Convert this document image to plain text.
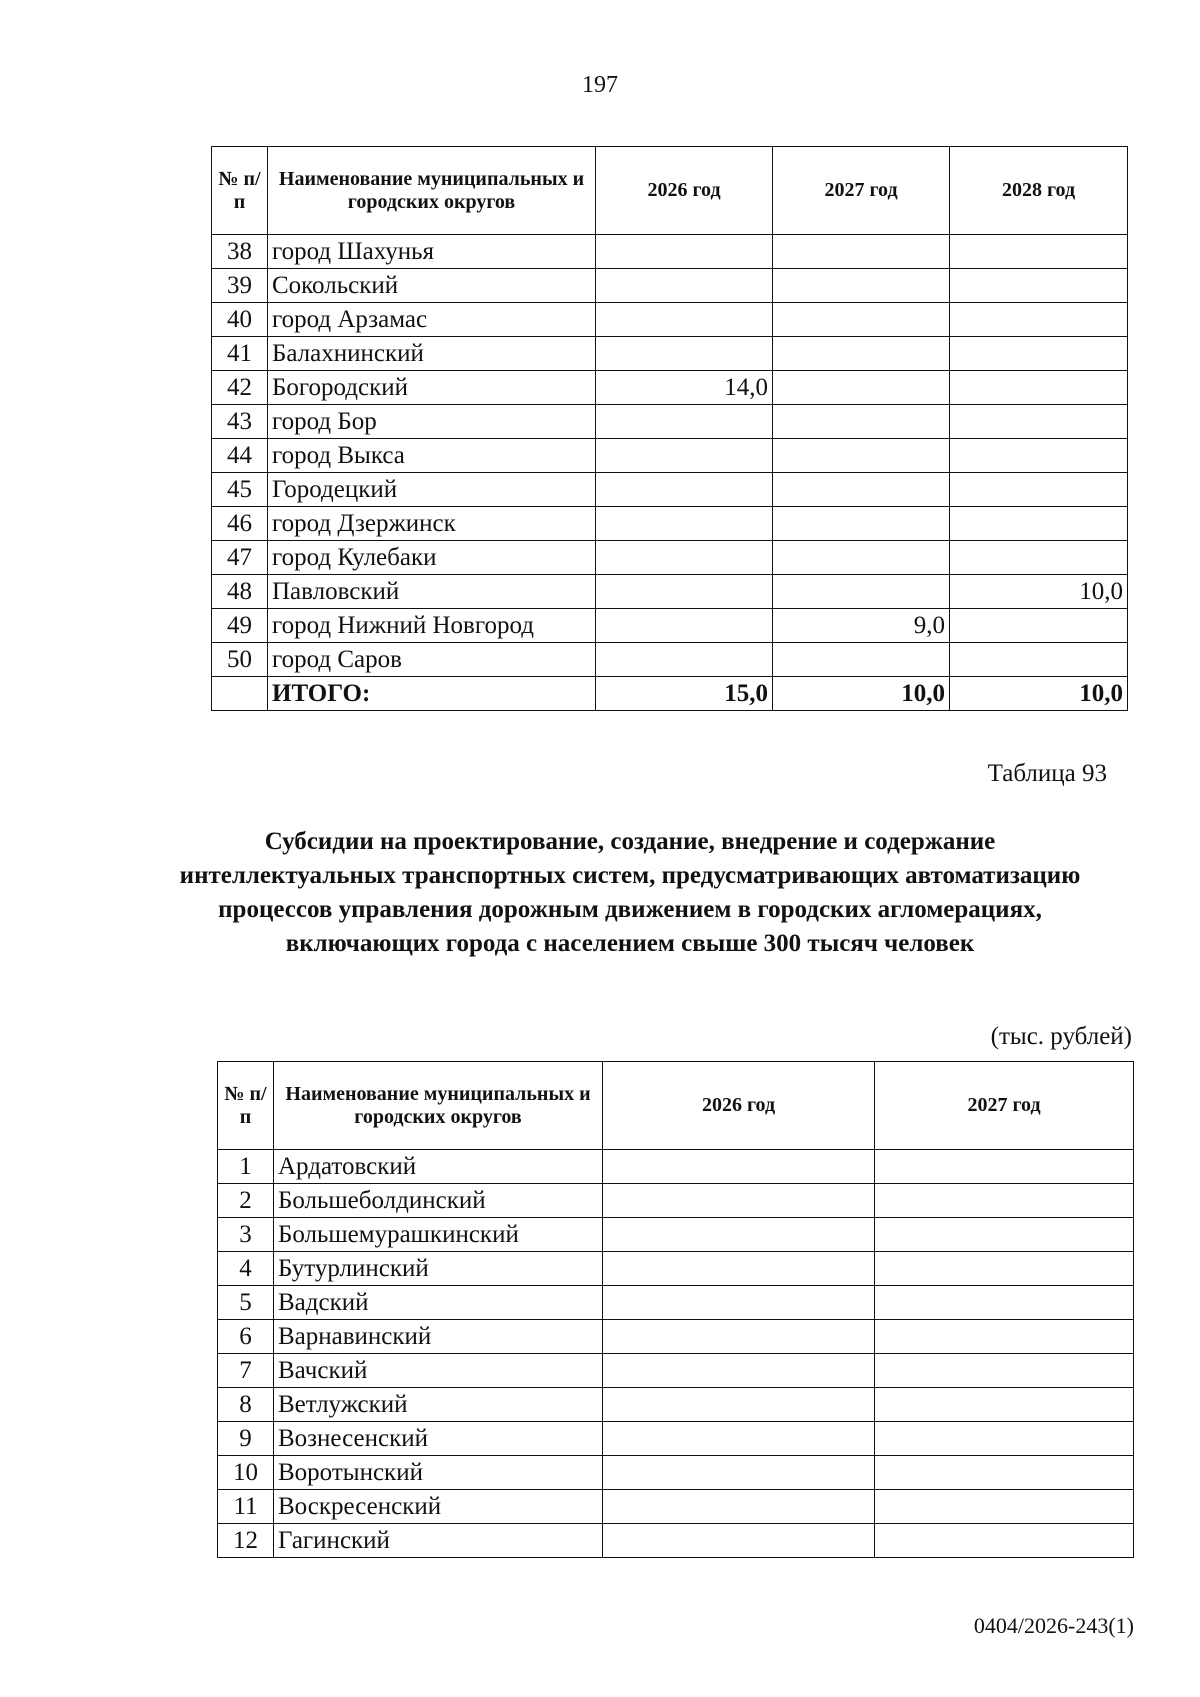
197
№ п/п	Наименование муниципальных и городских округов	2026 год	2027 год	2028 год
38	город Шахунья			
39	Сокольский			
40	город Арзамас			
41	Балахнинский			
42	Богородский	14,0		
43	город Бор			
44	город Выкса			
45	Городецкий			
46	город Дзержинск			
47	город Кулебаки			
48	Павловский			10,0
49	город Нижний Новгород		9,0	
50	город Саров			
	ИТОГО:	15,0	10,0	10,0
Таблица 93
Субсидии на проектирование, создание, внедрение и содержание интеллектуальных транспортных систем, предусматривающих автоматизацию процессов управления дорожным движением в городских агломерациях, включающих города с населением свыше 300 тысяч человек
(тыс. рублей)
№ п/п	Наименование муниципальных и городских округов	2026 год	2027 год
1	Ардатовский		
2	Большеболдинский		
3	Большемурашкинский		
4	Бутурлинский		
5	Вадский		
6	Варнавинский		
7	Вачский		
8	Ветлужский		
9	Вознесенский		
10	Воротынский		
11	Воскресенский		
12	Гагинский		
0404/2026-243(1)
